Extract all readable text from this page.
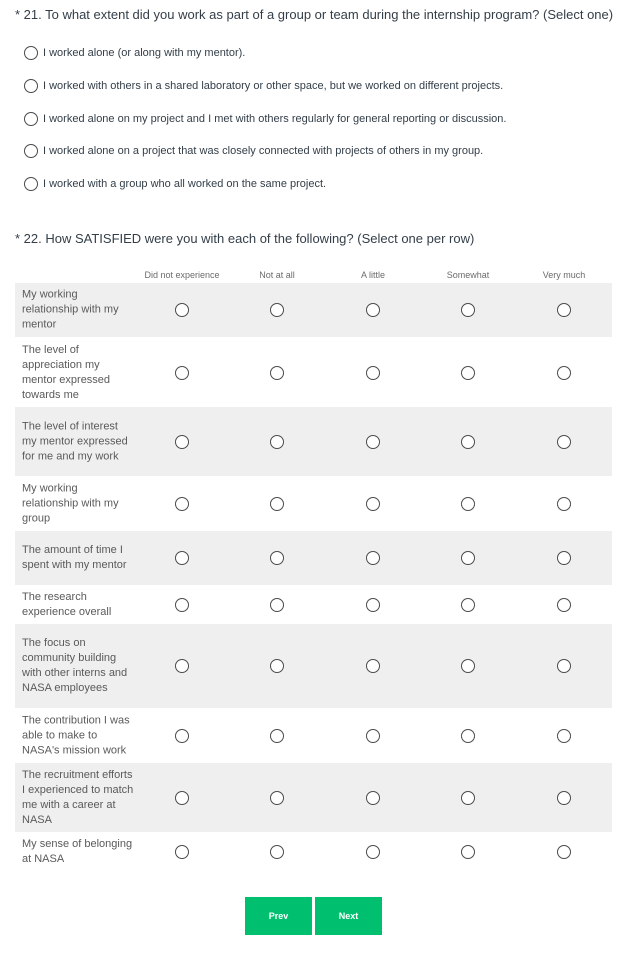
* 21. To what extent did you work as part of a group or team during the internship program? (Select one)
I worked alone (or along with my mentor).
I worked with others in a shared laboratory or other space, but we worked on different projects.
I worked alone on my project and I met with others regularly for general reporting or discussion.
I worked alone on a project that was closely connected with projects of others in my group.
I worked with a group who all worked on the same project.
* 22. How SATISFIED were you with each of the following? (Select one per row)
Did not experience	Not at all	A little	Somewhat	Very much
My working relationship with my mentor
The level of appreciation my mentor expressed towards me
The level of interest my mentor expressed for me and my work
My working relationship with my group
The amount of time I spent with my mentor
The research experience overall
The focus on community building with other interns and NASA employees
The contribution I was able to make to NASA's mission work
The recruitment efforts I experienced to match me with a career at NASA
My sense of belonging at NASA
Prev	Next
